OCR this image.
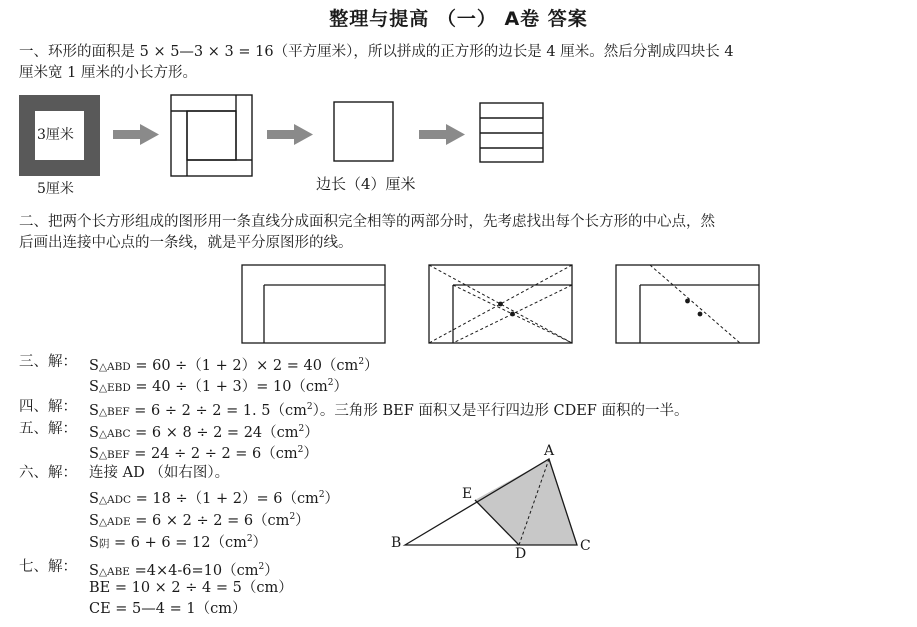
整理与提高 （一） A卷 答案
一、环形的面积是 5 × 5—3 × 3 = 16（平方厘米），所以拼成的正方形的边长是 4 厘米。然后分割成四块长 4
厘米宽 1 厘米的小长方形。
3厘米
5厘米	边长（4）厘米
二、把两个长方形组成的图形用一条直线分成面积完全相等的两部分时，先考虑找出每个长方形的中心点，然
后画出连接中心点的一条线，就是平分原图形的线。
三、解： S△ABD = $60 \div(1 + 2)\times 2 = 40(cm^2)$
S△EBD = $40 \div(1 + 3)= 10(cm^2)$
四、解： S△BEF = 6 ÷ 2 ÷ 2 = 1. $5(cm^2)$。三角形 BEF 面积又是平行四边形 CDEF 面积的一半。
五、解： S△ABC = $6 \times 8 \div 2 = 24(cm^2)$
S△BEF = $24 \div 2 \div 2 = 6(cm^2)$
六、解： 连接 AD （如右图）。
S△ADC = $18 \div(1 + 2)= 6(cm^2)$
S△ADE = $6 \times 2 \div 2 = 6(cm^2)$
S阴 = $6 + 6 = 12(cm^2)$
A
B	C
D
E
七、解： S△ABE $=4\times 4-6=10(cm^2)$
BE = 10 × 2 ÷ 4 = 5（cm）
CE = 5—4 = 1（cm）
